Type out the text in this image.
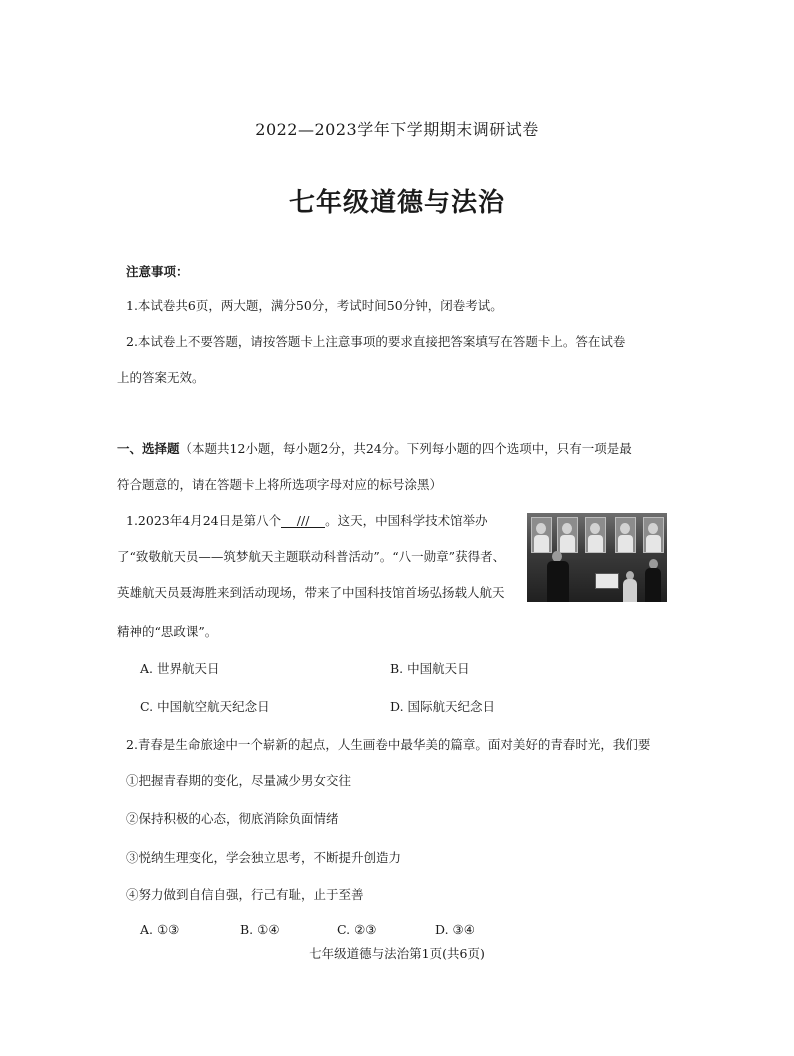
2022—2023学年下学期期末调研试卷
七年级道德与法治
注意事项：
1.本试卷共6页，两大题，满分50分，考试时间50分钟，闭卷考试。
2.本试卷上不要答题，请按答题卡上注意事项的要求直接把答案填写在答题卡上。答在试卷
上的答案无效。
一、选择题（本题共12小题，每小题2分，共24分。下列每小题的四个选项中，只有一项是最
符合题意的，请在答题卡上将所选项字母对应的标号涂黑）
1.2023年4月24日是第八个 /// 。这天，中国科学技术馆举办
了“致敬航天员——筑梦航天主题联动科普活动”。“八一勋章”获得者、
英雄航天员聂海胜来到活动现场，带来了中国科技馆首场弘扬载人航天
精神的“思政课”。
A. 世界航天日	B. 中国航天日
C. 中国航空航天纪念日	D. 国际航天纪念日
2.青春是生命旅途中一个崭新的起点，人生画卷中最华美的篇章。面对美好的青春时光，我们要
①把握青春期的变化，尽量减少男女交往
②保持积极的心态，彻底消除负面情绪
③悦纳生理变化，学会独立思考，不断提升创造力
④努力做到自信自强，行己有耻，止于至善
A. ①③	B. ①④	C. ②③	D. ③④
七年级道德与法治第1页(共6页)
